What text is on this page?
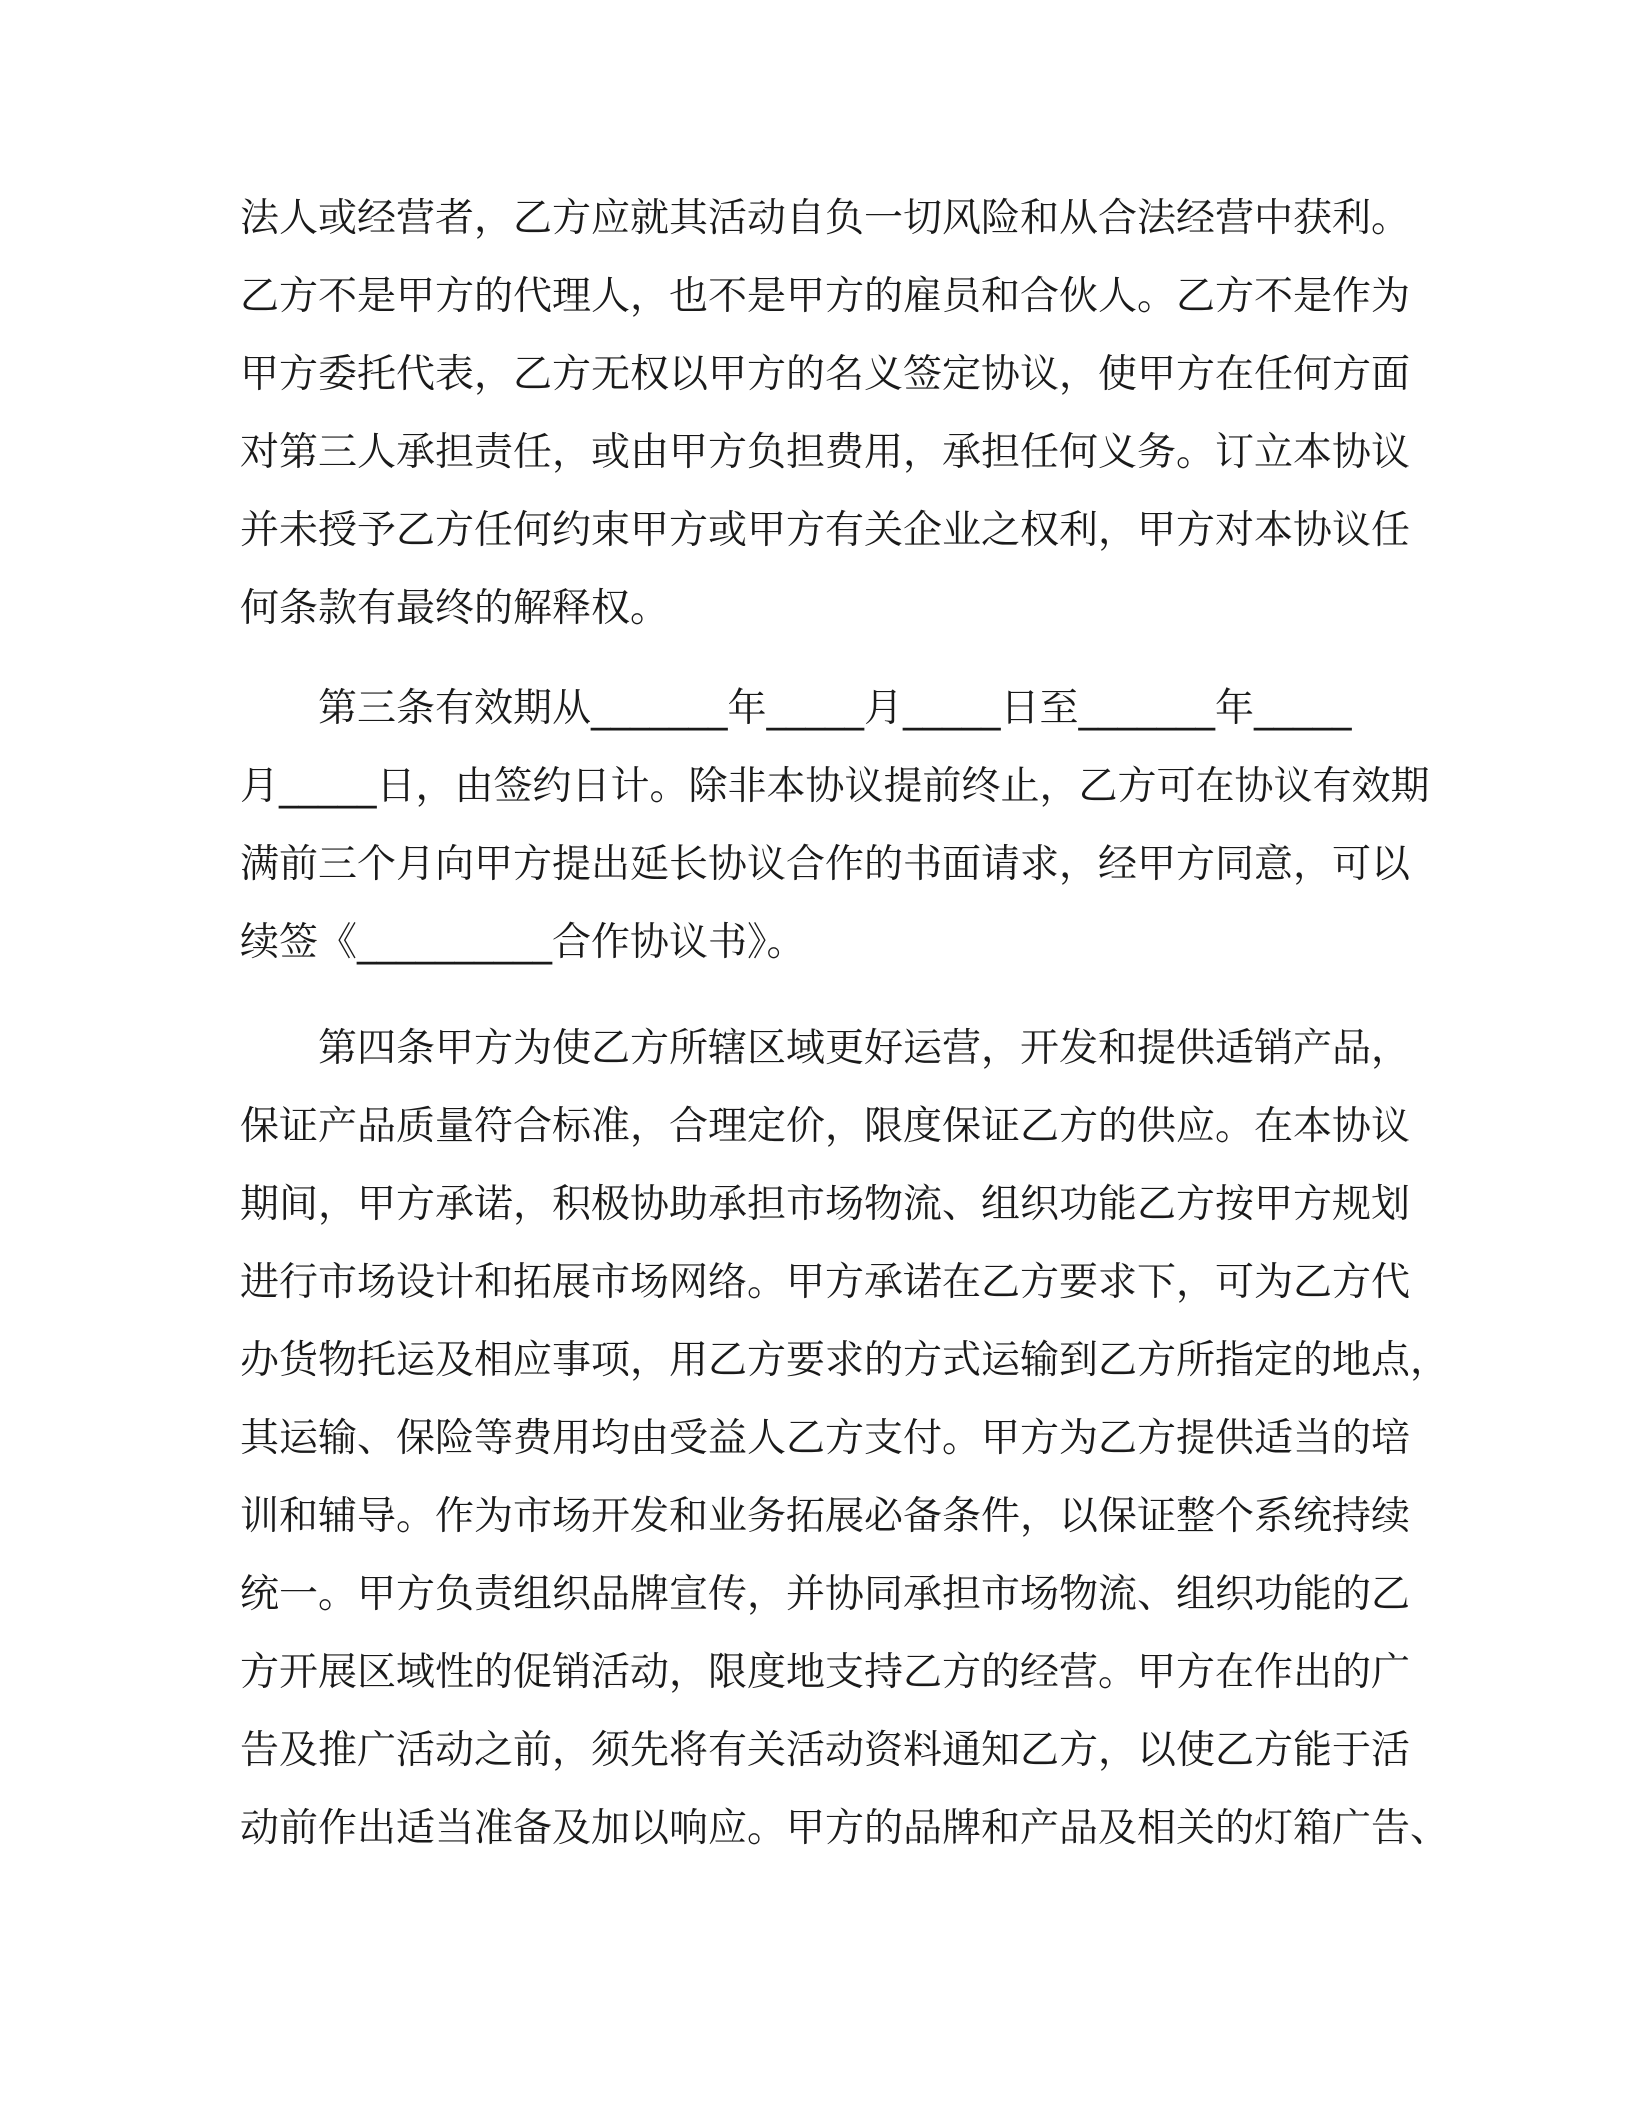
法人或经营者，乙方应就其活动自负一切风险和从合法经营中获利。
乙方不是甲方的代理人，也不是甲方的雇员和合伙人。乙方不是作为
甲方委托代表，乙方无权以甲方的名义签定协议，使甲方在任何方面
对第三人承担责任，或由甲方负担费用，承担任何义务。订立本协议
并未授予乙方任何约束甲方或甲方有关企业之权利，甲方对本协议任
何条款有最终的解释权。
　　第三条有效期从_______年_____月_____日至_______年_____
月_____日，由签约日计。除非本协议提前终止，乙方可在协议有效期
满前三个月向甲方提出延长协议合作的书面请求，经甲方同意，可以
续签《__________合作协议书》。
　　第四条甲方为使乙方所辖区域更好运营，开发和提供适销产品，
保证产品质量符合标准，合理定价，限度保证乙方的供应。在本协议
期间，甲方承诺，积极协助承担市场物流、组织功能乙方按甲方规划
进行市场设计和拓展市场网络。甲方承诺在乙方要求下，可为乙方代
办货物托运及相应事项，用乙方要求的方式运输到乙方所指定的地点，
其运输、保险等费用均由受益人乙方支付。甲方为乙方提供适当的培
训和辅导。作为市场开发和业务拓展必备条件，以保证整个系统持续
统一。甲方负责组织品牌宣传，并协同承担市场物流、组织功能的乙
方开展区域性的促销活动，限度地支持乙方的经营。甲方在作出的广
告及推广活动之前，须先将有关活动资料通知乙方，以使乙方能于活
动前作出适当准备及加以响应。甲方的品牌和产品及相关的灯箱广告、
